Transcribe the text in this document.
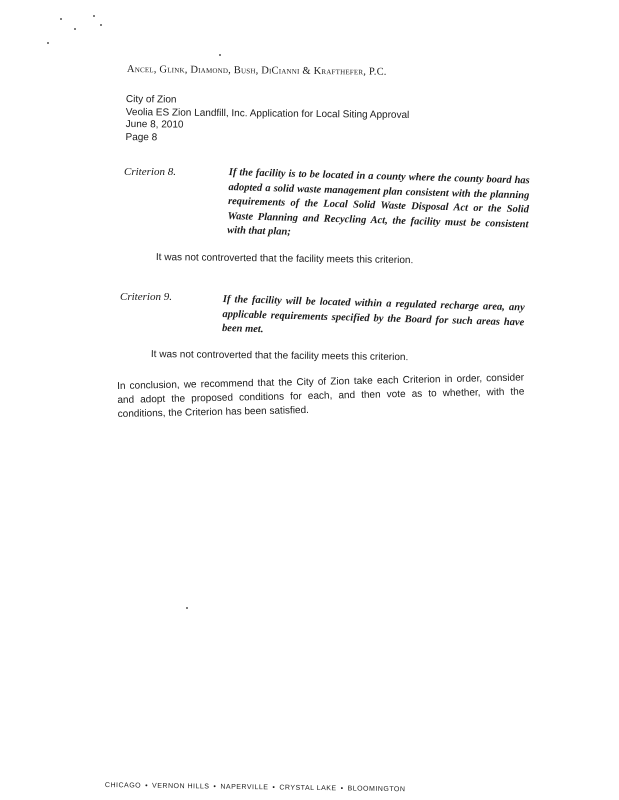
Ancel, Glink, Diamond, Bush, DiCianni & Krafthefer, P.C.
City of Zion
Veolia ES Zion Landfill, Inc. Application for Local Siting Approval
June 8, 2010
Page 8
Criterion 8.	If the facility is to be located in a county where the county board has adopted a solid waste management plan consistent with the planning requirements of the Local Solid Waste Disposal Act or the Solid Waste Planning and Recycling Act, the facility must be consistent with that plan;
It was not controverted that the facility meets this criterion.
Criterion 9.	If the facility will be located within a regulated recharge area, any applicable requirements specified by the Board for such areas have been met.
It was not controverted that the facility meets this criterion.
In conclusion, we recommend that the City of Zion take each Criterion in order, consider and adopt the proposed conditions for each, and then vote as to whether, with the conditions, the Criterion has been satisfied.
CHICAGO • VERNON HILLS • NAPERVILLE • CRYSTAL LAKE • BLOOMINGTON
